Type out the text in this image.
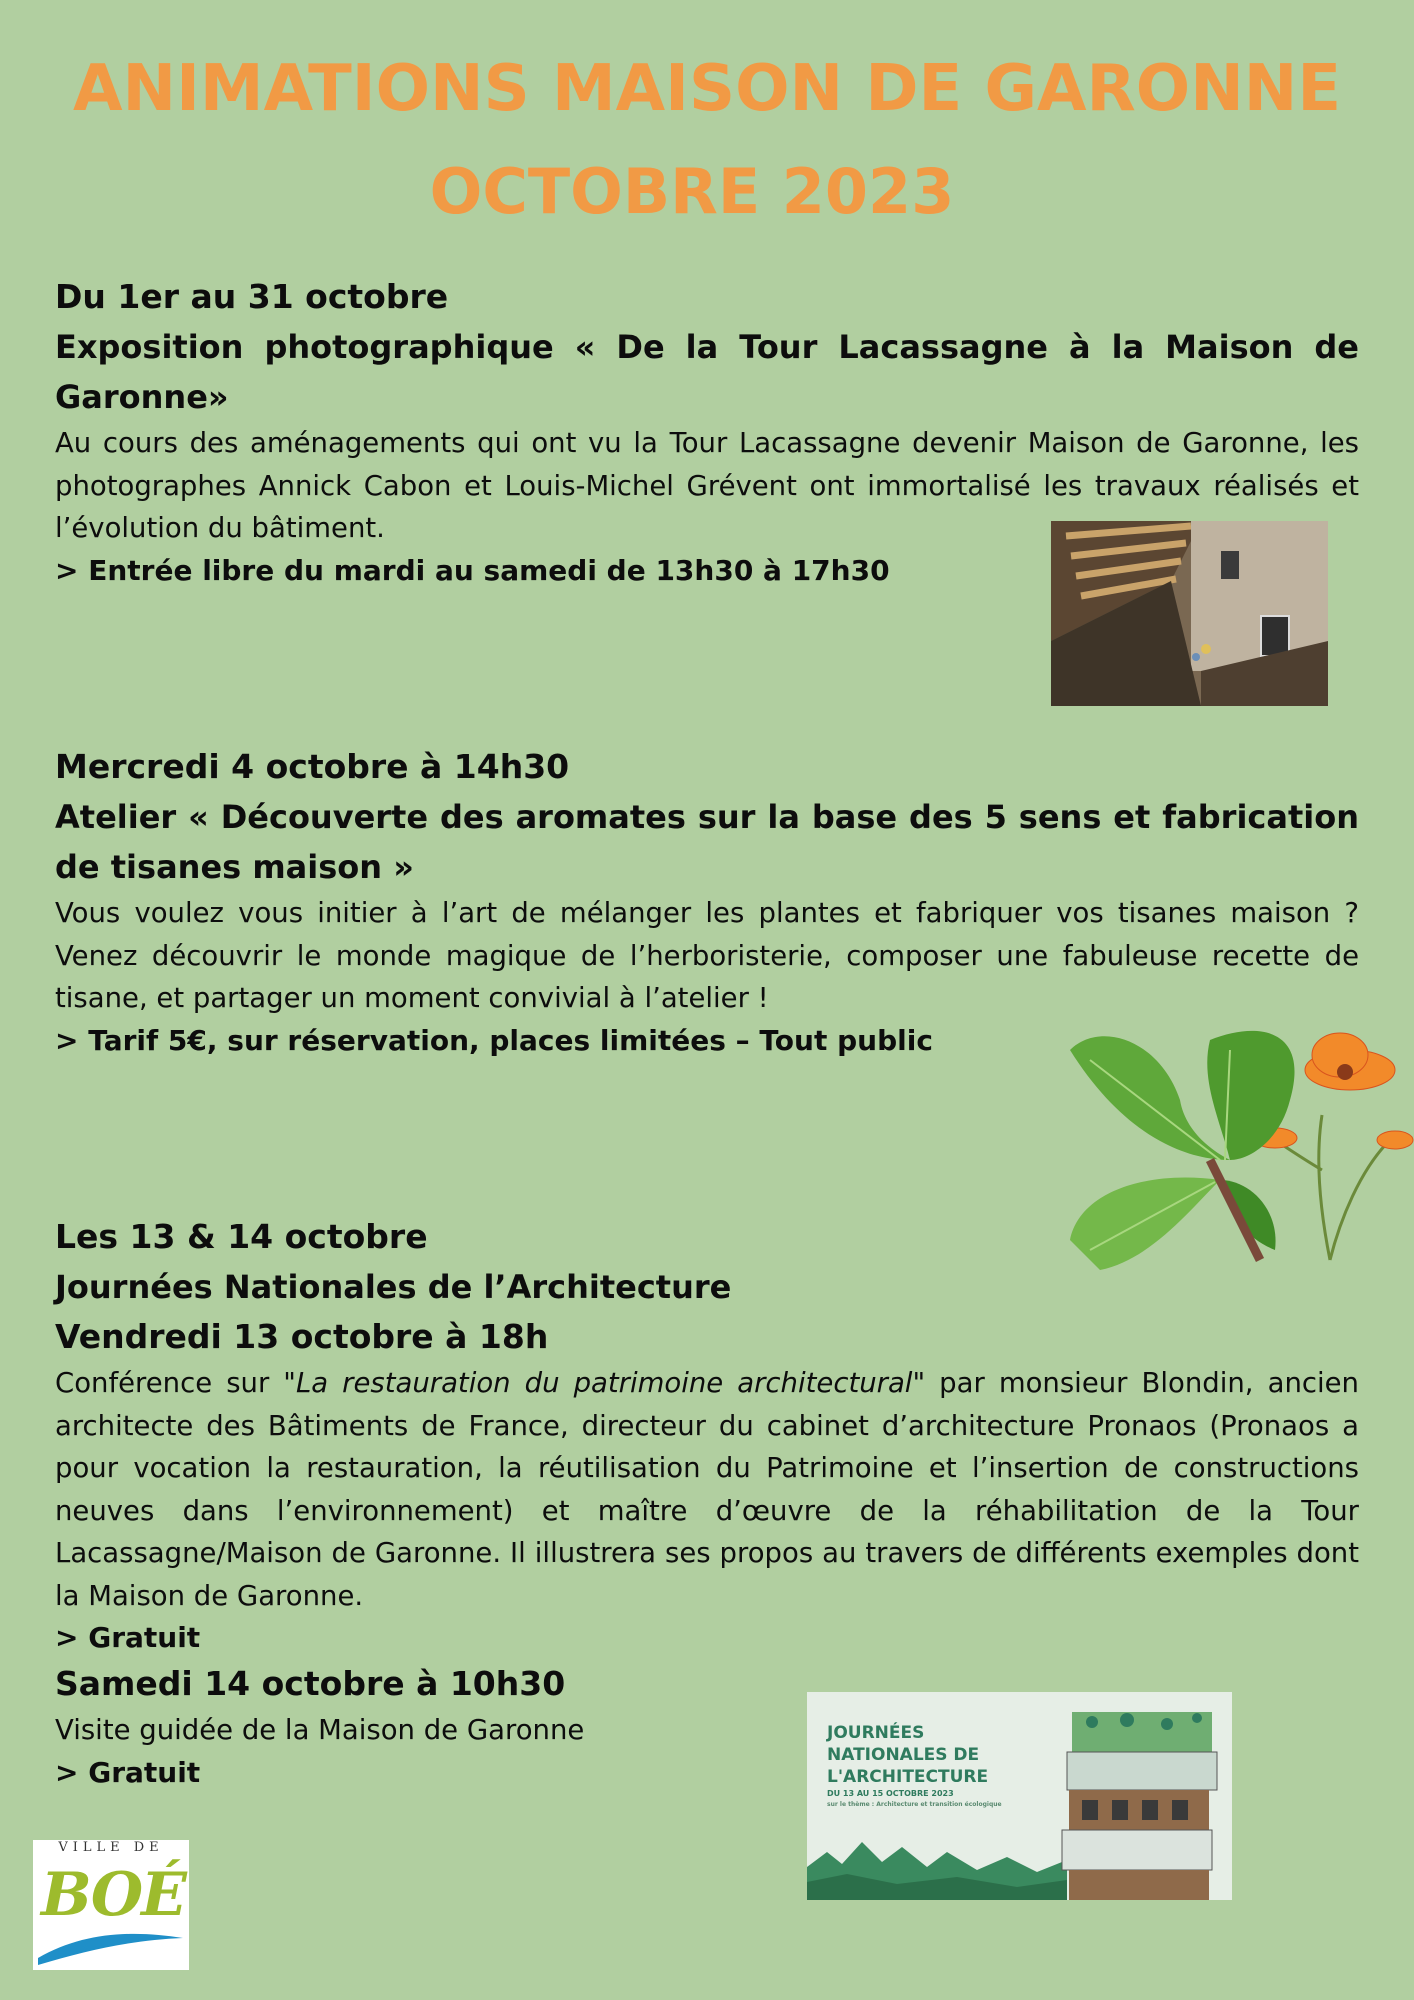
ANIMATIONS MAISON DE GARONNE
OCTOBRE 2023

Du 1er au 31 octobre

Exposition photographique « De la Tour Lacassagne à la Maison de Garonne»

Au cours des aménagements qui ont vu la Tour Lacassagne devenir Maison de Garonne, les photographes Annick Cabon et Louis-Michel Grévent ont immortalisé les travaux réalisés et l’évolution du bâtiment.

> Entrée libre du mardi au samedi de 13h30 à 17h30

Mercredi 4 octobre à 14h30

Atelier « Découverte des aromates sur la base des 5 sens et fabrication de tisanes maison »

Vous voulez vous initier à l’art de mélanger les plantes et fabriquer vos tisanes maison ? Venez découvrir le monde magique de l’herboristerie, composer une fabuleuse recette de tisane, et partager un moment convivial à l’atelier !

> Tarif 5€, sur réservation, places limitées – Tout public

Les 13 & 14 octobre

Journées Nationales de l’Architecture

Vendredi 13 octobre à 18h

Conférence sur "La restauration du patrimoine architectural" par monsieur Blondin, ancien architecte des Bâtiments de France, directeur du cabinet d’architecture Pronaos (Pronaos a pour vocation la restauration, la réutilisation du Patrimoine et l’insertion de constructions neuves dans l’environnement) et maître d’œuvre de la réhabilitation de la Tour Lacassagne/Maison de Garonne. Il illustrera ses propos au travers de différents exemples dont la Maison de Garonne.

> Gratuit

Samedi 14 octobre à 10h30

Visite guidée de la Maison de Garonne

> Gratuit

JOURNÉES
NATIONALES DE
L'ARCHITECTURE
DU 13 AU 15 OCTOBRE 2023
sur le thème : Architecture et transition écologique
VILLE DE
BOÉ
